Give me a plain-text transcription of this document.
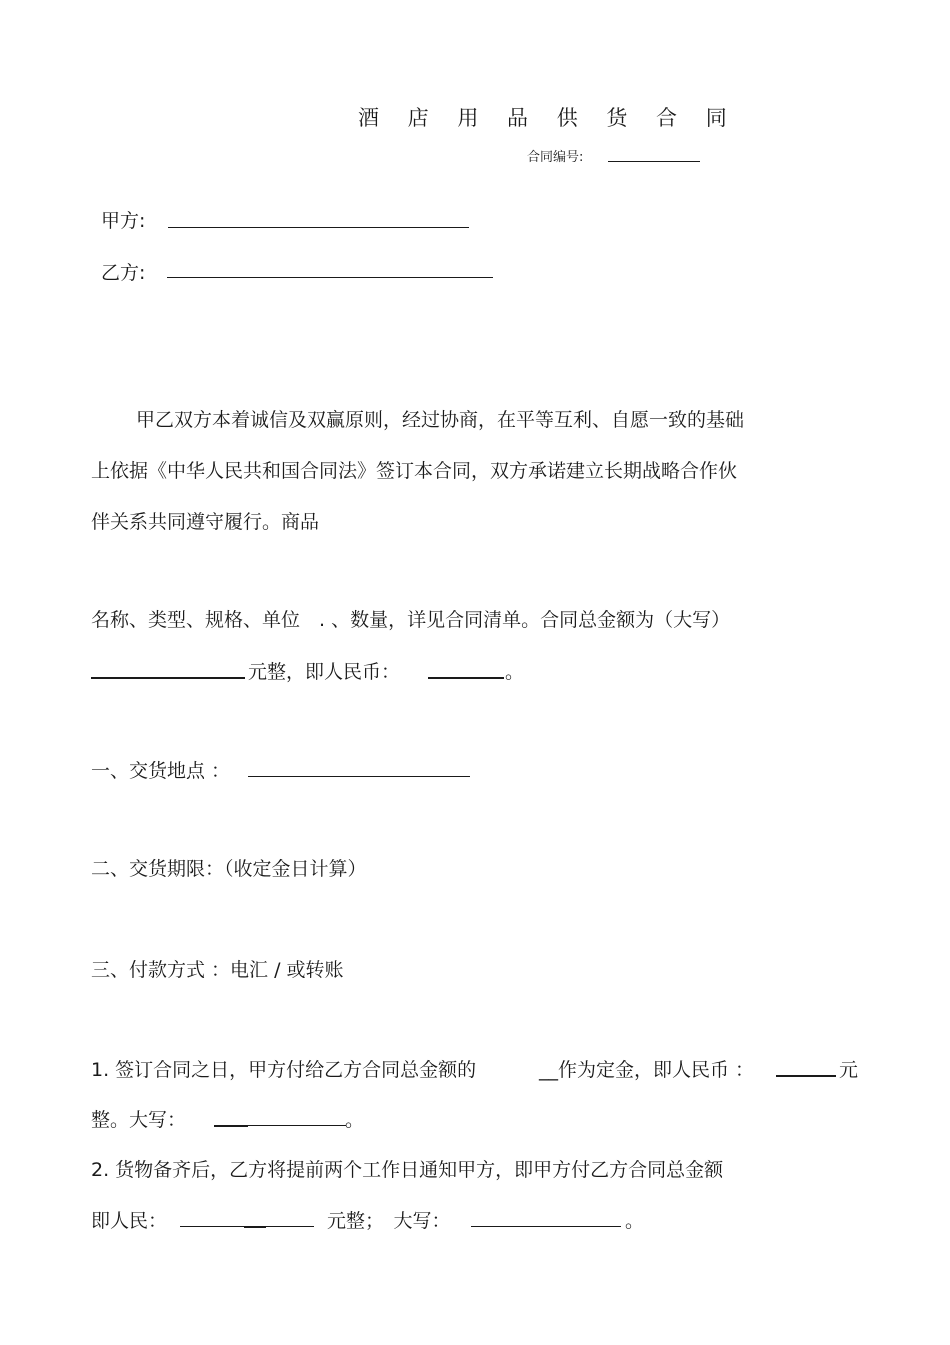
酒 店 用 品 供 货 合 同
合同编号:
甲方:
乙方:
甲乙双方本着诚信及双赢原则，经过协商，在平等互利、自愿一致的基础
上依据《中华人民共和国合同法》签订本合同，双方承诺建立长期战略合作伙
伴关系共同遵守履行。商品
名称、类型、规格、单位　. 、数量，详见合同清单。合同总金额为（大写）
元整，即人民币：	。
一、交货地点 ：
二、交货期限：（收定金日计算）
三、付款方式 ：电汇 / 或转账
1. 签订合同之日，甲方付给乙方合同总金额的	__作为定金，即人民币 ：	元
整。大写：	。
2. 货物备齐后，乙方将提前两个工作日通知甲方，即甲方付乙方合同总金额
即人民：	元整；　大写：	。
